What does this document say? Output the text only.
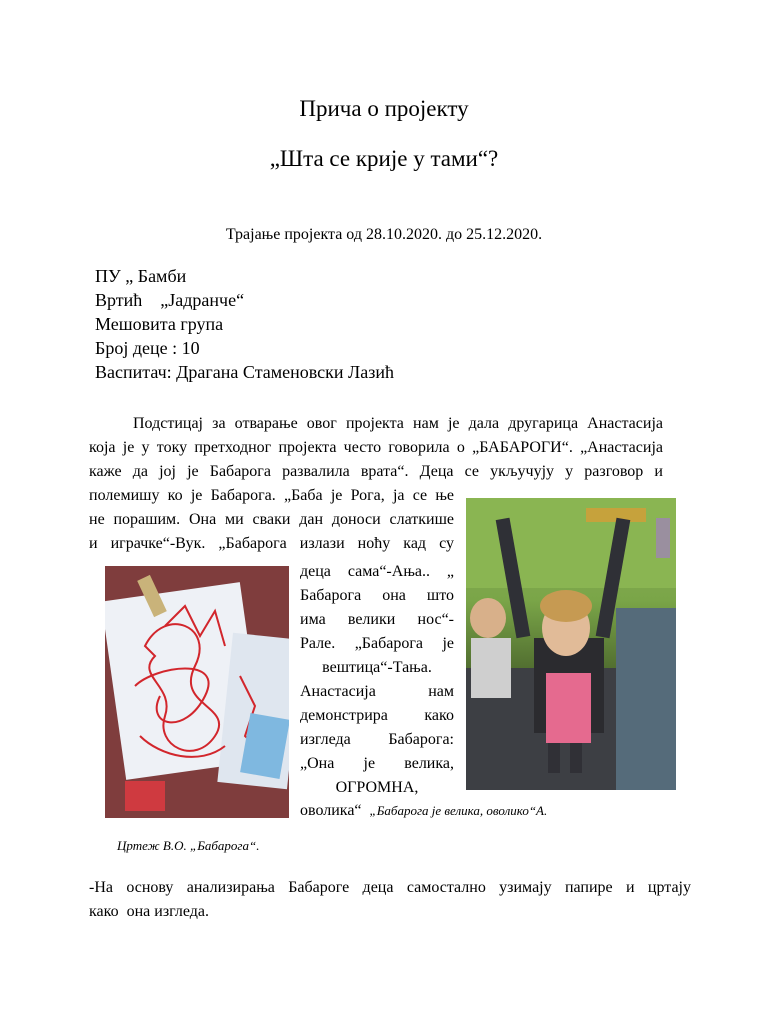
Прича о пројекту
„Шта се крије у тами“?
Трајање пројекта од 28.10.2020. до 25.12.2020.
ПУ „ Бамби
Вртић    „Јадранче“
Мешовита група
Број деце : 10
Васпитач: Драгана Стаменовски Лазић
Подстицај за отварање овог пројекта нам је дала другарица Анастасија
која је у току претходног пројекта често говорила о „БАБАРОГИ“. „Анастасија
каже да јој је Бабарога развалила врата“. Деца се укључују у разговор и
полемишу ко је Бабарога. „Баба је Рога, ја се ње
не порашим. Она ми сваки дан доноси слаткише
и играчке“-Вук. „Бабарога излази ноћу кад су
деца сама“-Ања.. „
Бабарога она што
има велики нос“-
Рале. „Бабарога је
вештица“-Тања.
Анастасија нам
демонстрира како
изгледа Бабарога:
„Она је велика,
ОГРОМНА,
оволика“ „Бабарога је велика, оволико“А.
Цртеж В.О. „Бабарога“.
-На основу анализирања Бабароге деца самостално узимају папире и цртају
како  она изгледа.
